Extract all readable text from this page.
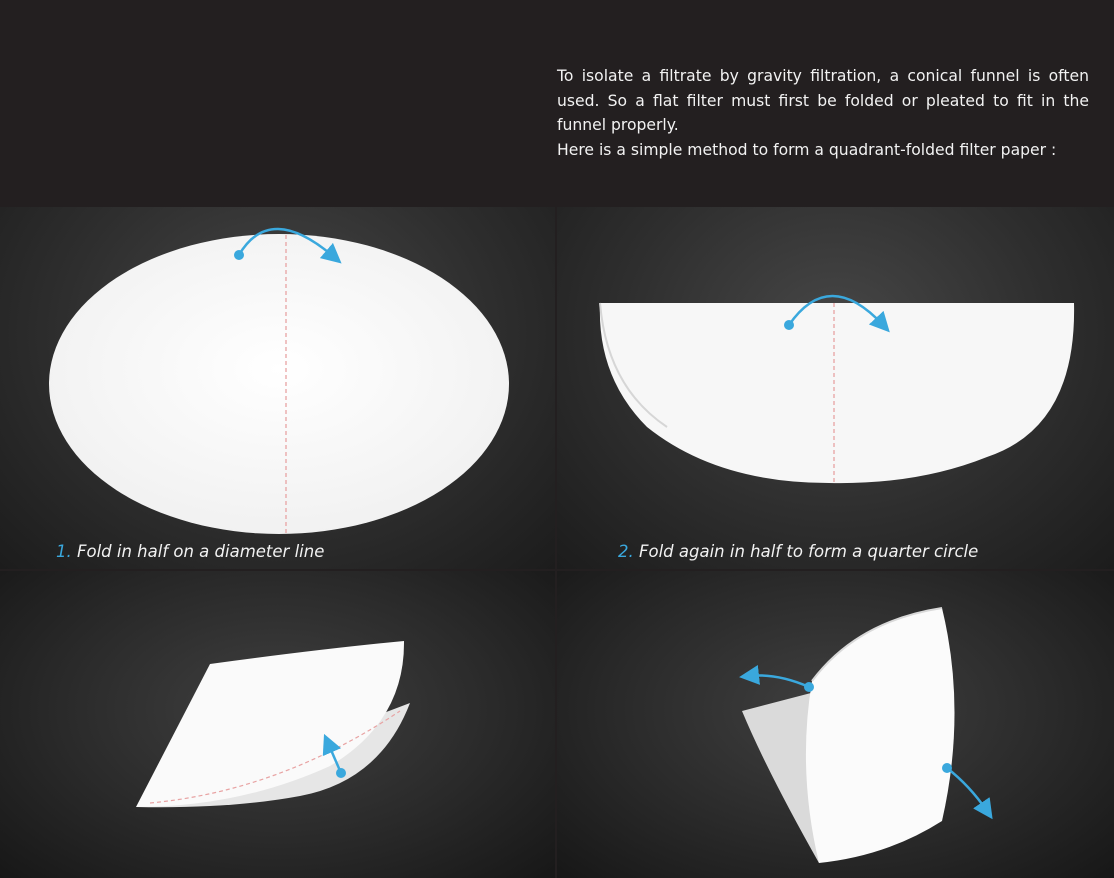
To isolate a filtrate by gravity filtration, a conical funnel is often used. So a flat filter must first be folded or pleated to fit in the funnel properly.

Here is a simple method to form a quadrant-folded filter paper :

1. Fold in half on a diameter line	2. Fold again in half to form a quarter circle
